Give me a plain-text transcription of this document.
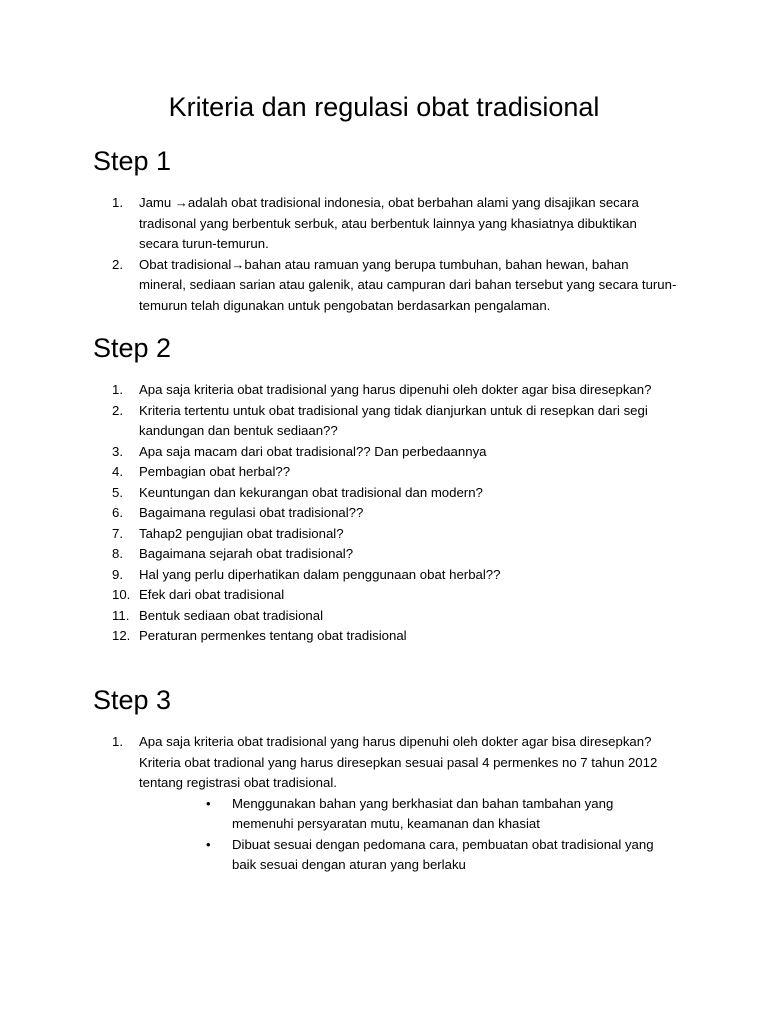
Kriteria dan regulasi obat tradisional
Step 1
1.	Jamu →adalah obat tradisional indonesia, obat berbahan alami yang disajikan secara tradisonal yang berbentuk serbuk, atau berbentuk lainnya yang khasiatnya dibuktikan secara turun-temurun.
2.	Obat tradisional→bahan atau ramuan yang berupa tumbuhan, bahan hewan, bahan mineral, sediaan sarian atau galenik, atau campuran dari bahan tersebut yang secara turun-temurun telah digunakan untuk pengobatan berdasarkan pengalaman.
Step 2
1.	Apa saja kriteria obat tradisional yang harus dipenuhi oleh dokter agar bisa diresepkan?
2.	Kriteria tertentu untuk obat tradisional yang tidak dianjurkan untuk di resepkan dari segi kandungan dan bentuk sediaan??
3.	Apa saja macam dari obat tradisional?? Dan perbedaannya
4.	Pembagian obat herbal??
5.	Keuntungan dan kekurangan obat tradisional dan modern?
6.	Bagaimana regulasi obat tradisional??
7.	Tahap2 pengujian obat tradisional?
8.	Bagaimana sejarah obat tradisional?
9.	Hal yang perlu diperhatikan dalam penggunaan obat herbal??
10. Efek dari obat tradisional
11. Bentuk sediaan obat tradisional
12. Peraturan permenkes tentang obat tradisional
Step 3
1.	Apa saja kriteria obat tradisional yang harus dipenuhi oleh dokter agar bisa diresepkan?
Kriteria obat tradional yang harus diresepkan sesuai pasal 4 permenkes no 7 tahun 2012 tentang registrasi obat tradisional.
•	Menggunakan bahan yang berkhasiat dan bahan tambahan yang memenuhi persyaratan mutu, keamanan dan khasiat
•	Dibuat sesuai dengan pedomana cara, pembuatan obat tradisional yang baik sesuai dengan aturan yang berlaku
